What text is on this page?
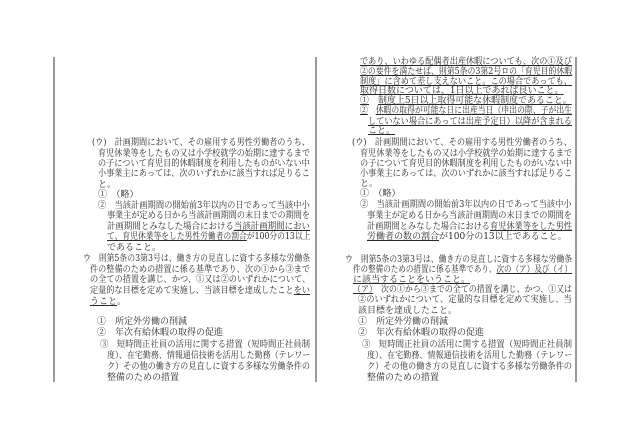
(ウ)　計画期間において、その雇用する男性労働者のうち、
育児休業等をしたもの又は小学校就学の始期に達するまで
の子について育児目的休暇制度を利用したものがいない中
小事業主にあっては、次のいずれかに該当すれば足りるこ
と。
①　（略）
②　当該計画期間の開始前3年以内の日であって当該中小
事業主が定める日から当該計画期間の末日までの期間を
計画期間とみなした場合における当該計画期間におい
て、育児休業等をした男性労働者の割合が100分の13以上
であること。
ウ　則第5条の3第3号は、働き方の見直しに資する多様な労働条
件の整備のための措置に係る基準であり、次の①から③まで
の全ての措置を講じ、かつ、①又は②のいずれかについて、
定量的な目標を定めて実施し、当該目標を達成したことをい
うこと。
①　所定外労働の削減
②　年次有給休暇の取得の促進
③　短時間正社員の活用に関する措置（短時間正社員制
度）、在宅勤務、情報通信技術を活用した勤務（テレワー
ク）その他の働き方の見直しに資する多様な労働条件の
整備のための措置
であり、いわゆる配偶者出産休暇についても、次の①及び
②の要件を満たせば、則第5条の3第2号ロの「育児目的休暇
制度」に含めて差し支えないこと。この場合であっても、
取得日数については、1日以上であれば良いこと。
①　 制度上5日以上取得可能な休暇制度であること。
②　 休暇の取得が可能な日に出産当日（申出の際、子が出生
していない場合にあっては出産予定日）以降が含まれる
こと。
(ウ)　計画期間において、その雇用する男性労働者のうち、
育児休業等をしたもの又は小学校就学の始期に達するまで
の子について育児目的休暇制度を利用したものがいない中
小事業主にあっては、次のいずれかに該当すれば足りるこ
と。
①　（略）
②　当該計画期間の開始前3年以内の日であって当該中小
事業主が定める日から当該計画期間の末日までの期間を
計画期間とみなした場合における育児休業等をした男性
労働者の数の割合が100分の13以上であること。
ウ　則第5条の3第3号は、働き方の見直しに資する多様な労働条
件の整備のための措置に係る基準であり、次の（ア）及び（イ）
に該当することをいうこと。
（ア）　次の①から③までの全ての措置を講じ、かつ、①又は
②のいずれかについて、定量的な目標を定めて実施し、当
該目標を達成したこと。
①　所定外労働の削減
②　年次有給休暇の取得の促進
③　短時間正社員の活用に関する措置（短時間正社員制
度）、在宅勤務、情報通信技術を活用した勤務（テレワー
ク）その他の働き方の見直しに資する多様な労働条件の
整備のための措置
